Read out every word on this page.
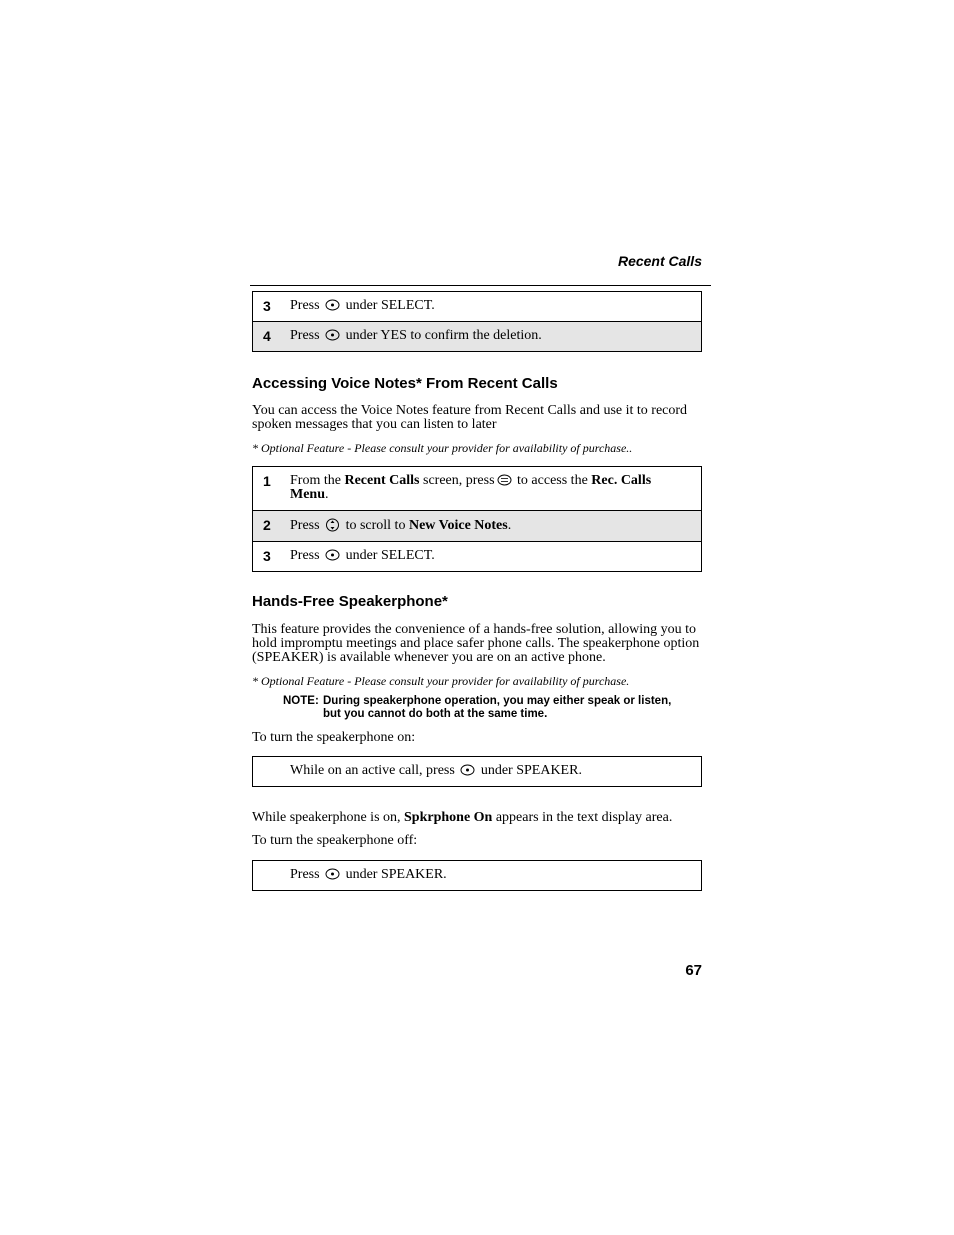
Recent Calls
3	Press under SELECT.
4	Press under YES to confirm the deletion.
Accessing Voice Notes* From Recent Calls
You can access the Voice Notes feature from Recent Calls and use it to record spoken messages that you can listen to later
* Optional Feature - Please consult your provider for availability of purchase..
1	From the Recent Calls screen, press to access the Rec. Calls Menu.
2	Press  to scroll to New Voice Notes.
3	Press under SELECT.
Hands-Free Speakerphone*
This feature provides the convenience of a hands-free solution, allowing you to hold impromptu meetings and place safer phone calls. The speakerphone option (SPEAKER) is available whenever you are on an active phone.
* Optional Feature - Please consult your provider for availability of purchase.
NOTE: During speakerphone operation, you may either speak or listen,
but you cannot do both at the same time.
To turn the speakerphone on:
While on an active call, press under SPEAKER.
While speakerphone is on, Spkrphone On appears in the text display area.
To turn the speakerphone off:
Press under SPEAKER.
67
